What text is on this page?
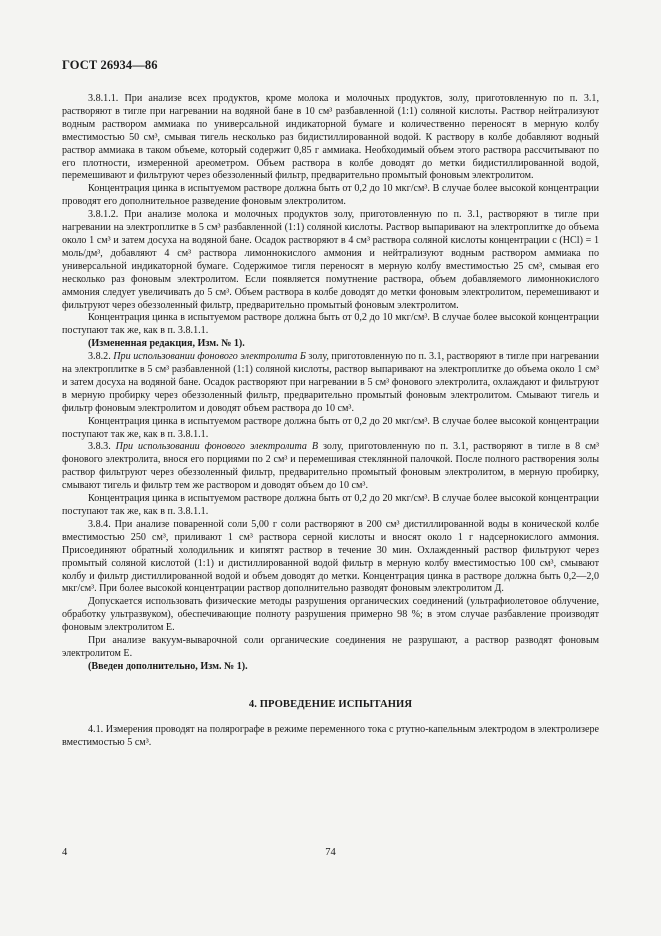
ГОСТ 26934—86

3.8.1.1. При анализе всех продуктов, кроме молока и молочных продуктов, золу, приготовленную по п. 3.1, растворяют в тигле при нагревании на водяной бане в 10 см³ разбавленной (1:1) соляной кислоты. Раствор нейтрализуют водным раствором аммиака по универсальной индикаторной бумаге и количественно переносят в мерную колбу вместимостью 50 см³, смывая тигель несколько раз бидистиллированной водой. К раствору в колбе добавляют водный раствор аммиака в таком объеме, который содержит 0,85 г аммиака. Необходимый объем этого раствора рассчитывают по его плотности, измеренной ареометром. Объем раствора в колбе доводят до метки бидистиллированной водой, перемешивают и фильтруют через обеззоленный фильтр, предварительно промытый фоновым электролитом.

Концентрация цинка в испытуемом растворе должна быть от 0,2 до 10 мкг/см³. В случае более высокой концентрации проводят его дополнительное разведение фоновым электролитом.

3.8.1.2. При анализе молока и молочных продуктов золу, приготовленную по п. 3.1, растворяют в тигле при нагревании на электроплитке в 5 см³ разбавленной (1:1) соляной кислоты. Раствор выпаривают на электроплитке до объема около 1 см³ и затем досуха на водяной бане. Осадок растворяют в 4 см³ раствора соляной кислоты концентрации c (HCl) = 1 моль/дм³, добавляют 4 см³ раствора лимоннокислого аммония и нейтрализуют водным раствором аммиака по универсальной индикаторной бумаге. Содержимое тигля переносят в мерную колбу вместимостью 25 см³, смывая его несколько раз фоновым электролитом. Если появляется помутнение раствора, объем добавляемого лимоннокислого аммония следует увеличивать до 5 см³. Объем раствора в колбе доводят до метки фоновым электролитом, перемешивают и фильтруют через обеззоленный фильтр, предварительно промытый фоновым электролитом.

Концентрация цинка в испытуемом растворе должна быть от 0,2 до 10 мкг/см³. В случае более высокой концентрации поступают так же, как в п. 3.8.1.1.

(Измененная редакция, Изм. № 1).

3.8.2. При использовании фонового электролита Б золу, приготовленную по п. 3.1, растворяют в тигле при нагревании на электроплитке в 5 см³ разбавленной (1:1) соляной кислоты, раствор выпаривают на электроплитке до объема около 1 см³ и затем досуха на водяной бане. Осадок растворяют при нагревании в 5 см³ фонового электролита, охлаждают и фильтруют в мерную пробирку через обеззоленный фильтр, предварительно промытый фоновым электролитом. Смывают тигель и фильтр фоновым электролитом и доводят объем раствора до 10 см³.

Концентрация цинка в испытуемом растворе должна быть от 0,2 до 20 мкг/см³. В случае более высокой концентрации поступают так же, как в п. 3.8.1.1.

3.8.3. При использовании фонового электролита В золу, приготовленную по п. 3.1, растворяют в тигле в 8 см³ фонового электролита, внося его порциями по 2 см³ и перемешивая стеклянной палочкой. После полного растворения золы раствор фильтруют через обеззоленный фильтр, предварительно промытый фоновым электролитом, в мерную пробирку, смывают тигель и фильтр тем же раствором и доводят объем до 10 см³.

Концентрация цинка в испытуемом растворе должна быть от 0,2 до 20 мкг/см³. В случае более высокой концентрации поступают так же, как в п. 3.8.1.1.

3.8.4. При анализе поваренной соли 5,00 г соли растворяют в 200 см³ дистиллированной воды в конической колбе вместимостью 250 см³, приливают 1 см³ раствора серной кислоты и вносят около 1 г надсернокислого аммония. Присоединяют обратный холодильник и кипятят раствор в течение 30 мин. Охлажденный раствор фильтруют через промытый соляной кислотой (1:1) и дистиллированной водой фильтр в мерную колбу вместимостью 100 см³, смывают колбу и фильтр дистиллированной водой и объем доводят до метки. Концентрация цинка в растворе должна быть 0,2—2,0 мкг/см³. При более высокой концентрации раствор дополнительно разводят фоновым электролитом Д.

Допускается использовать физические методы разрушения органических соединений (ультрафиолетовое облучение, обработку ультразвуком), обеспечивающие полноту разрушения примерно 98 %; в этом случае разбавление производят фоновым электролитом Е.

При анализе вакуум-выварочной соли органические соединения не разрушают, а раствор разводят фоновым электролитом Е.

(Введен дополнительно, Изм. № 1).

4. ПРОВЕДЕНИЕ ИСПЫТАНИЯ

4.1. Измерения проводят на полярографе в режиме переменного тока с ртутно-капельным электродом в электролизере вместимостью 5 см³.

4	74
